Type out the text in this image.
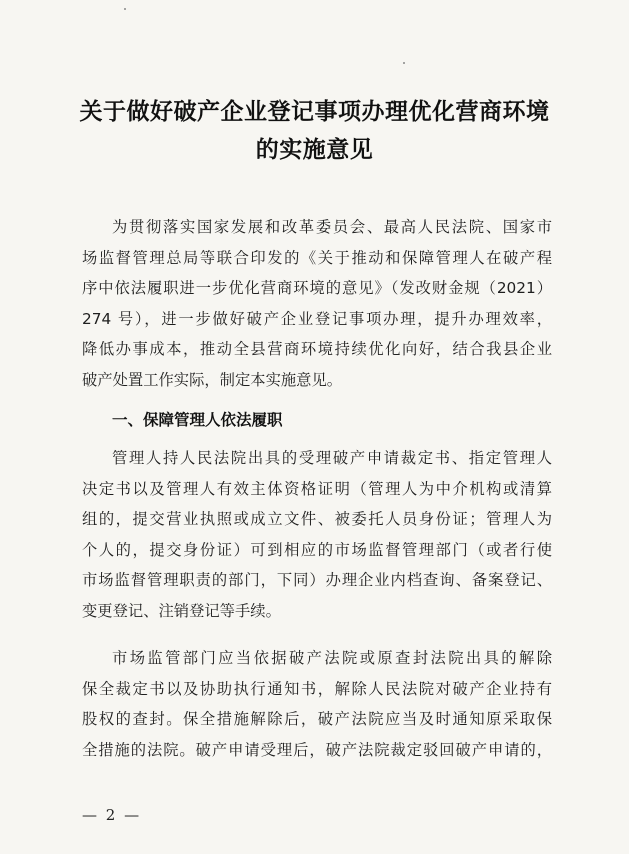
关于做好破产企业登记事项办理优化营商环境
的实施意见
为贯彻落实国家发展和改革委员会、最高人民法院、国家市
场监督管理总局等联合印发的《关于推动和保障管理人在破产程
序中依法履职进一步优化营商环境的意见》（发改财金规（2021）
274 号），进一步做好破产企业登记事项办理，提升办理效率，
降低办事成本，推动全县营商环境持续优化向好，结合我县企业
破产处置工作实际，制定本实施意见。
一、保障管理人依法履职
管理人持人民法院出具的受理破产申请裁定书、指定管理人
决定书以及管理人有效主体资格证明（管理人为中介机构或清算
组的，提交营业执照或成立文件、被委托人员身份证；管理人为
个人的，提交身份证）可到相应的市场监督管理部门（或者行使
市场监督管理职责的部门，下同）办理企业内档查询、备案登记、
变更登记、注销登记等手续。
市场监管部门应当依据破产法院或原查封法院出具的解除
保全裁定书以及协助执行通知书，解除人民法院对破产企业持有
股权的查封。保全措施解除后，破产法院应当及时通知原采取保
全措施的法院。破产申请受理后，破产法院裁定驳回破产申请的，
— 2 —
